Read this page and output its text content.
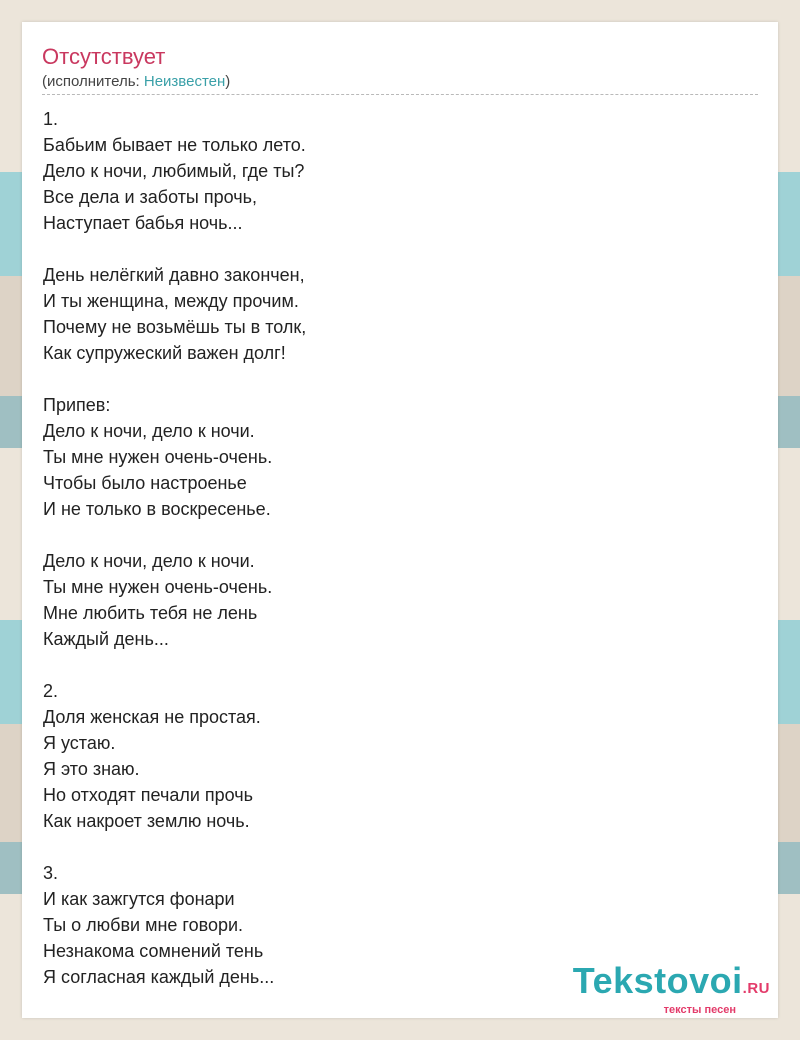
Отсутствует
(исполнитель: Неизвестен)
1.
Бабьим бывает не только лето.
Дело к ночи, любимый, где ты?
Все дела и заботы прочь,
Наступает бабья ночь...
День нелёгкий давно закончен,
И ты женщина, между прочим.
Почему не возьмёшь ты в толк,
Как супружеский важен долг!
Припев:
Дело к ночи, дело к ночи.
Ты мне нужен очень-очень.
Чтобы было настроенье
И не только в воскресенье.
Дело к ночи, дело к ночи.
Ты мне нужен очень-очень.
Мне любить тебя не лень
Каждый день...
2.
Доля женская не простая.
Я устаю.
Я это знаю.
Но отходят печали прочь
Как накроет землю ночь.
3.
И как зажгутся фонари
Ты о любви мне говори.
Незнакома сомнений тень
Я согласная каждый день...	Tekstovoi.RU
тексты песен
